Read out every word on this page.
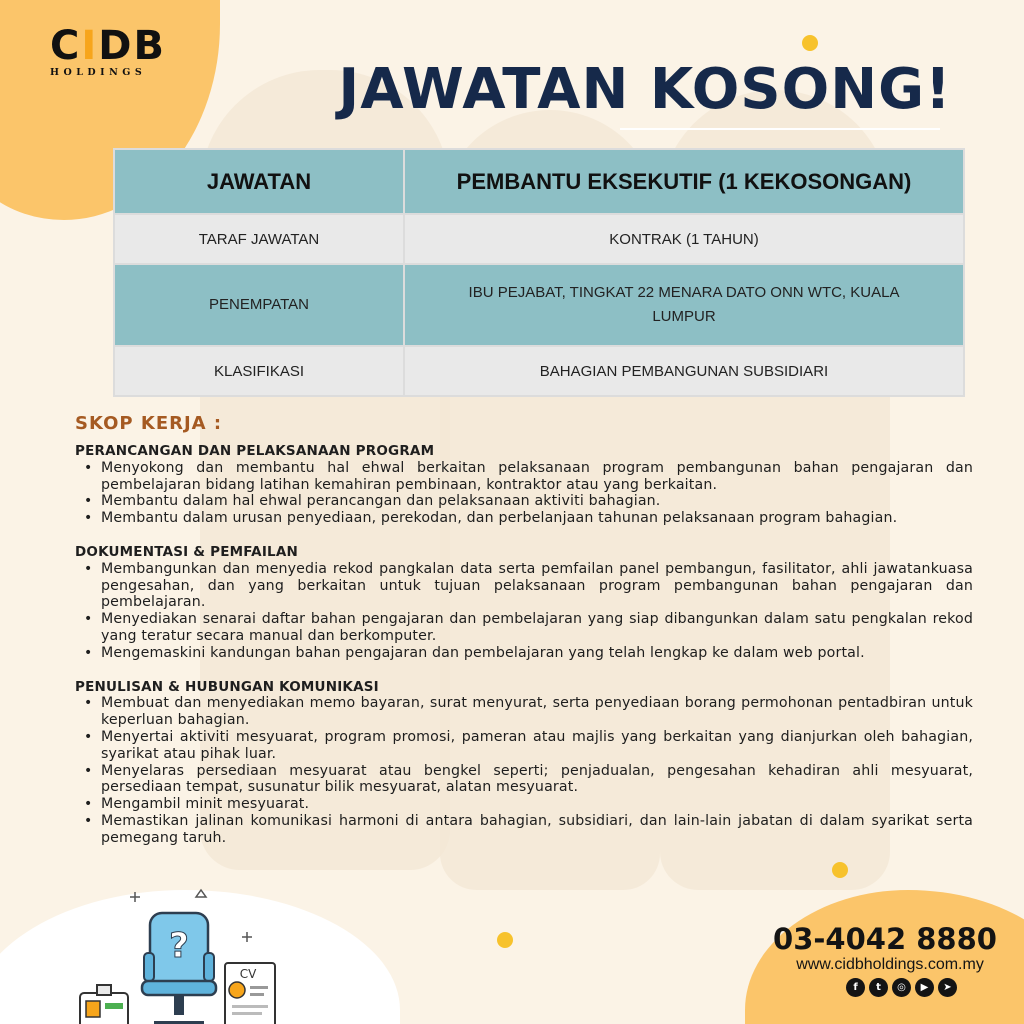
CIDB
HOLDINGS	JAWATAN KOSONG!
JAWATAN	PEMBANTU EKSEKUTIF (1 KEKOSONGAN)
TARAF JAWATAN	KONTRAK (1 TAHUN)
PENEMPATAN	IBU PEJABAT, TINGKAT 22 MENARA DATO ONN WTC, KUALA LUMPUR
KLASIFIKASI	BAHAGIAN PEMBANGUNAN SUBSIDIARI
SKOP KERJA :

PERANCANGAN DAN PELAKSANAAN PROGRAM

• Menyokong dan membantu hal ehwal berkaitan pelaksanaan program pembangunan bahan pengajaran dan pembelajaran bidang latihan kemahiran pembinaan, kontraktor atau yang berkaitan.
• Membantu dalam hal ehwal perancangan dan pelaksanaan aktiviti bahagian.
• Membantu dalam urusan penyediaan, perekodan, dan perbelanjaan tahunan pelaksanaan program bahagian.

DOKUMENTASI & PEMFAILAN

• Membangunkan dan menyedia rekod pangkalan data serta pemfailan panel pembangun, fasilitator, ahli jawatankuasa pengesahan, dan yang berkaitan untuk tujuan pelaksanaan program pembangunan bahan pengajaran dan pembelajaran.
• Menyediakan senarai daftar bahan pengajaran dan pembelajaran yang siap dibangunkan dalam satu pengkalan rekod yang teratur secara manual dan berkomputer.
• Mengemaskini kandungan bahan pengajaran dan pembelajaran yang telah lengkap ke dalam web portal.

PENULISAN & HUBUNGAN KOMUNIKASI

• Membuat dan menyediakan memo bayaran, surat menyurat, serta penyediaan borang permohonan pentadbiran untuk keperluan bahagian.
• Menyertai aktiviti mesyuarat, program promosi, pameran atau majlis yang berkaitan yang dianjurkan oleh bahagian, syarikat atau pihak luar.
• Menyelaras persediaan mesyuarat atau bengkel seperti; penjadualan, pengesahan kehadiran ahli mesyuarat, persediaan tempat, susunatur bilik mesyuarat, alatan mesyuarat.
• Mengambil minit mesyuarat.
• Memastikan jalinan komunikasi harmoni di antara bahagian, subsidiari, dan lain-lain jabatan di dalam syarikat serta pemegang taruh.
?
CV
03-4042 8880
www.cidbholdings.com.my
f	t	◎	▶	➤
